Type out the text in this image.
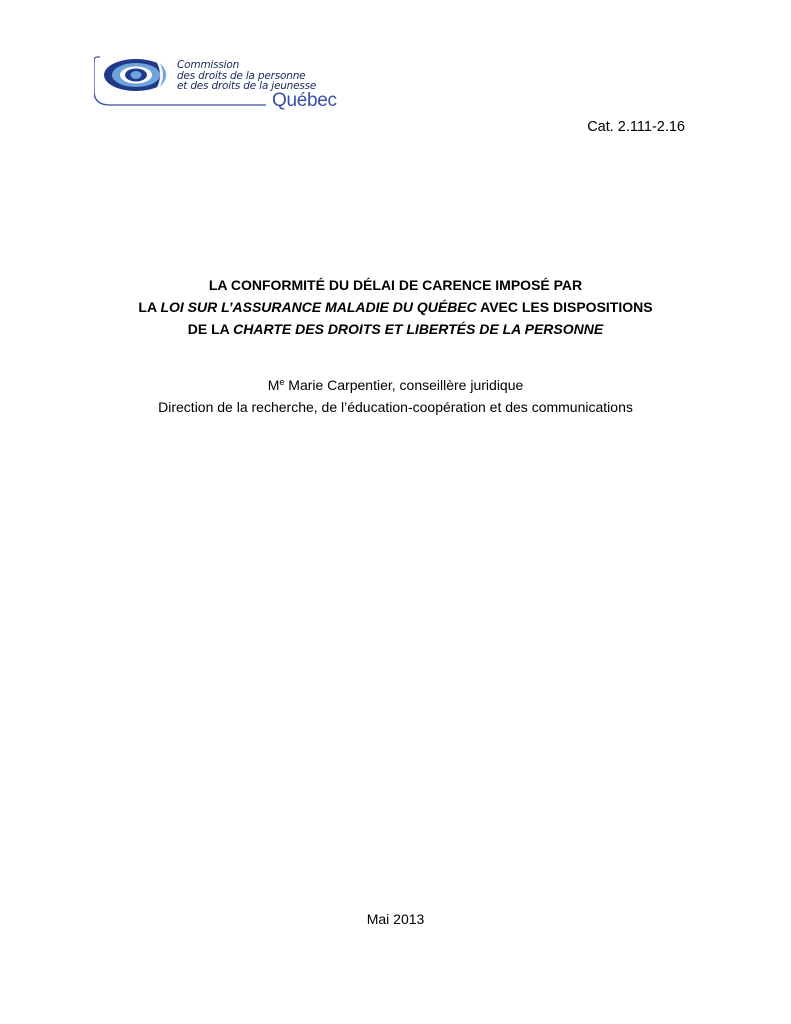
Commission
des droits de la personne
et des droits de la jeunesse
Québec
Cat. 2.111-2.16
LA CONFORMITÉ DU DÉLAI DE CARENCE IMPOSÉ PAR
LA LOI SUR L’ASSURANCE MALADIE DU QUÉBEC AVEC LES DISPOSITIONS
DE LA CHARTE DES DROITS ET LIBERTÉS DE LA PERSONNE
Me Marie Carpentier, conseillère juridique
Direction de la recherche, de l’éducation-coopération et des communications
Mai 2013
